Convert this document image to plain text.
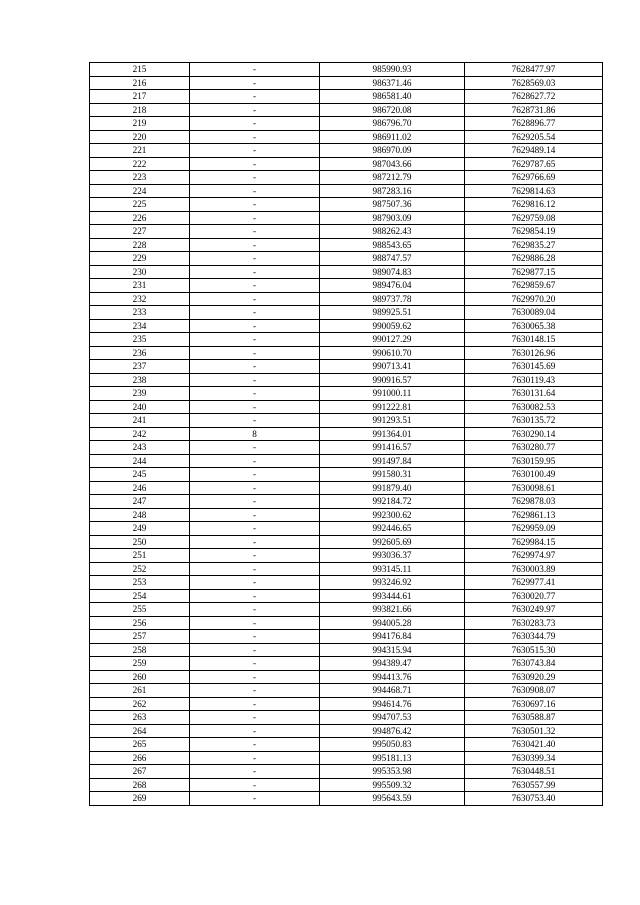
215	-	985990.93	7628477.97
216	-	986371.46	7628569.03
217	-	986581.40	7628627.72
218	-	986720.08	7628731.86
219	-	986796.70	7628896.77
220	-	986911.02	7629205.54
221	-	986970.09	7629489.14
222	-	987043.66	7629787.65
223	-	987212.79	7629766.69
224	-	987283.16	7629814.63
225	-	987507.36	7629816.12
226	-	987903.09	7629759.08
227	-	988262.43	7629854.19
228	-	988543.65	7629835.27
229	-	988747.57	7629886.28
230	-	989074.83	7629877.15
231	-	989476.04	7629859.67
232	-	989737.78	7629970.20
233	-	989925.51	7630089.04
234	-	990059.62	7630065.38
235	-	990127.29	7630148.15
236	-	990610.70	7630126.96
237	-	990713.41	7630145.69
238	-	990916.57	7630119.43
239	-	991000.11	7630131.64
240	-	991222.81	7630082.53
241	-	991293.51	7630135.72
242	8	991364.01	7630290.14
243	-	991416.57	7630280.77
244	-	991497.84	7630159.95
245	-	991580.31	7630100.49
246	-	991879.40	7630098.61
247	-	992184.72	7629878.03
248	-	992300.62	7629861.13
249	-	992446.65	7629959.09
250	-	992605.69	7629984.15
251	-	993036.37	7629974.97
252	-	993145.11	7630003.89
253	-	993246.92	7629977.41
254	-	993444.61	7630020.77
255	-	993821.66	7630249.97
256	-	994005.28	7630283.73
257	-	994176.84	7630344.79
258	-	994315.94	7630515.30
259	-	994389.47	7630743.84
260	-	994413.76	7630920.29
261	-	994468.71	7630908.07
262	-	994614.76	7630697.16
263	-	994707.53	7630588.87
264	-	994876.42	7630501.32
265	-	995050.83	7630421.40
266	-	995181.13	7630399.34
267	-	995353.98	7630448.51
268	-	995509.32	7630557.99
269	-	995643.59	7630753.40
